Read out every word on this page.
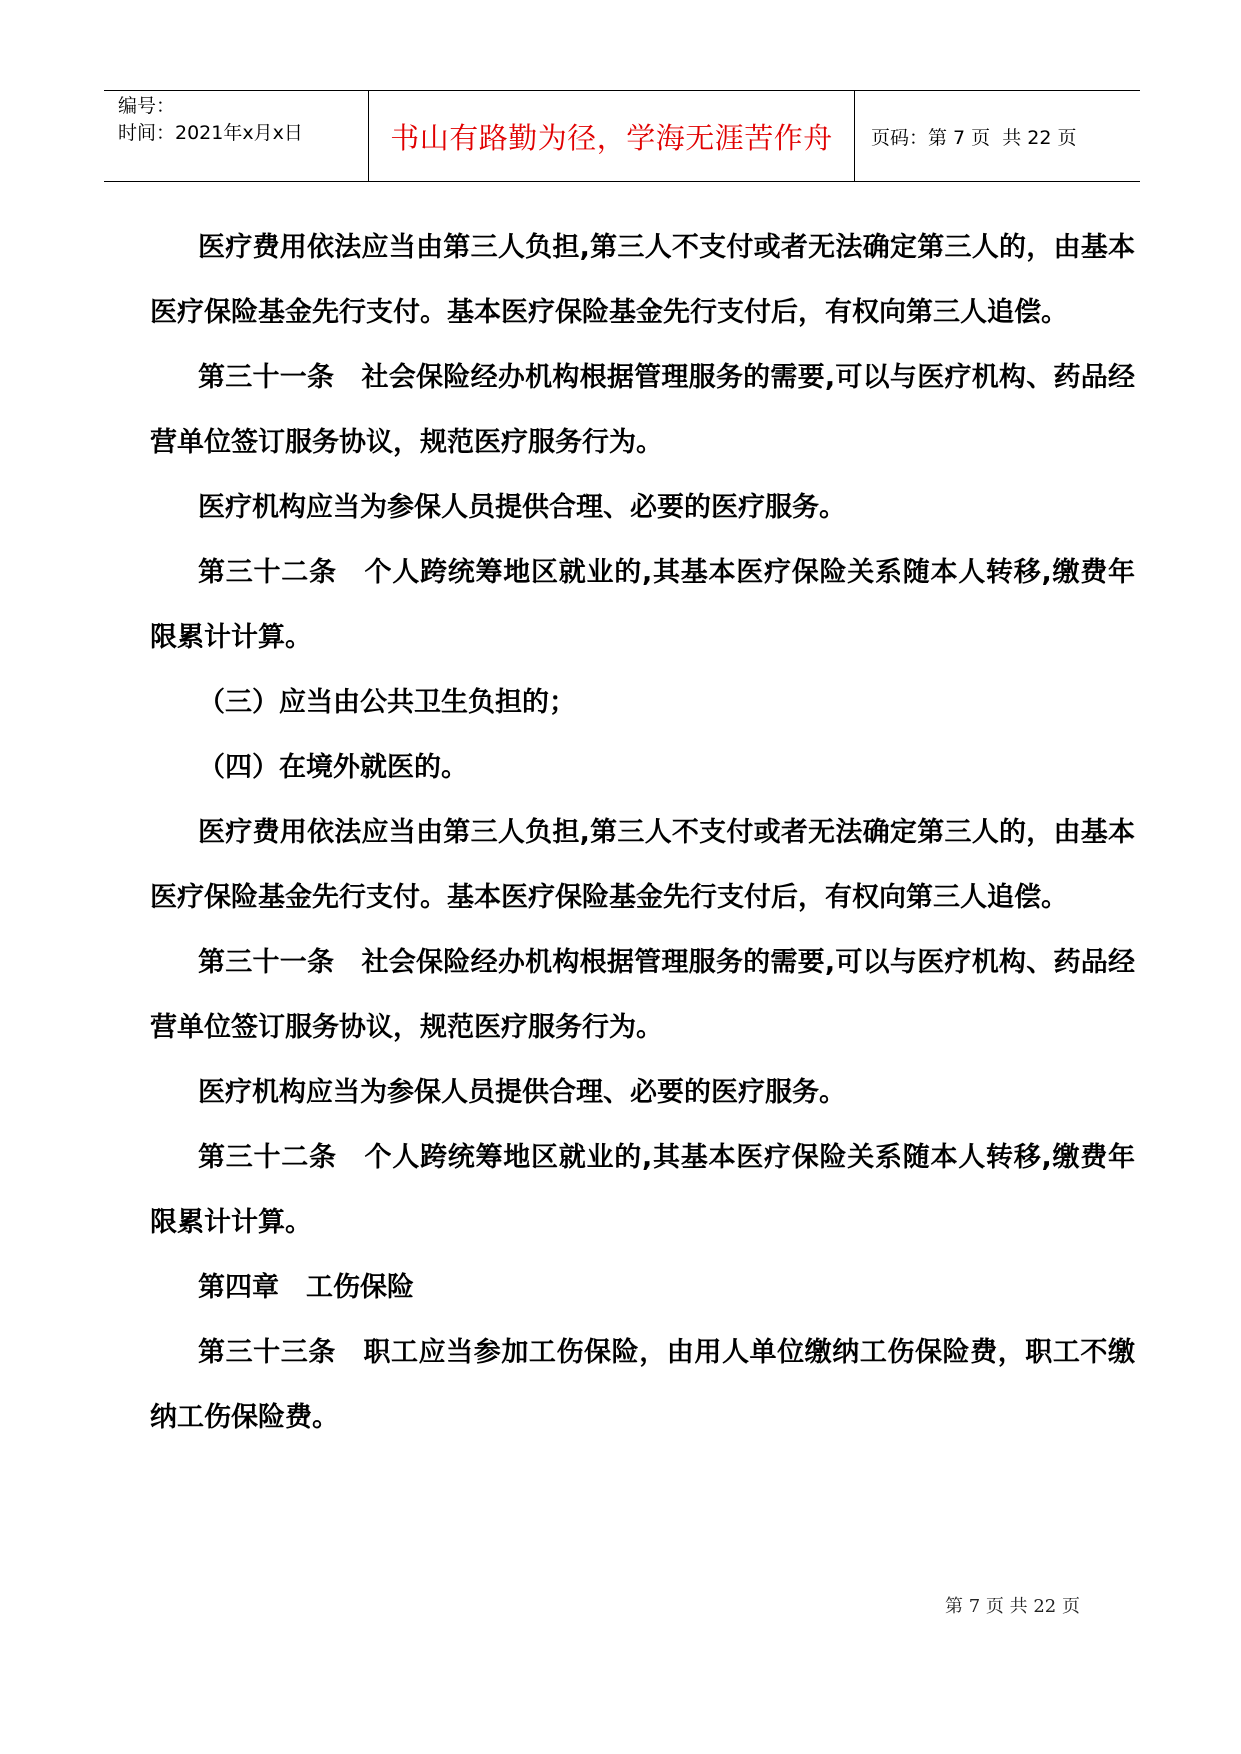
编号：
时间：2021年x月x日	书山有路勤为径，学海无涯苦作舟 页码：第 7 页  共 22 页

医疗费用依法应当由第三人负担,第三人不支付或者无法确定第三人的，由基本医疗保险基金先行支付。基本医疗保险基金先行支付后，有权向第三人追偿。

第三十一条　社会保险经办机构根据管理服务的需要,可以与医疗机构、药品经营单位签订服务协议，规范医疗服务行为。

医疗机构应当为参保人员提供合理、必要的医疗服务。

第三十二条　个人跨统筹地区就业的,其基本医疗保险关系随本人转移,缴费年限累计计算。

（三）应当由公共卫生负担的；

（四）在境外就医的。

医疗费用依法应当由第三人负担,第三人不支付或者无法确定第三人的，由基本医疗保险基金先行支付。基本医疗保险基金先行支付后，有权向第三人追偿。

第三十一条　社会保险经办机构根据管理服务的需要,可以与医疗机构、药品经营单位签订服务协议，规范医疗服务行为。

医疗机构应当为参保人员提供合理、必要的医疗服务。

第三十二条　个人跨统筹地区就业的,其基本医疗保险关系随本人转移,缴费年限累计计算。

第四章　工伤保险

第三十三条　职工应当参加工伤保险，由用人单位缴纳工伤保险费，职工不缴纳工伤保险费。

第 7 页 共 22 页
